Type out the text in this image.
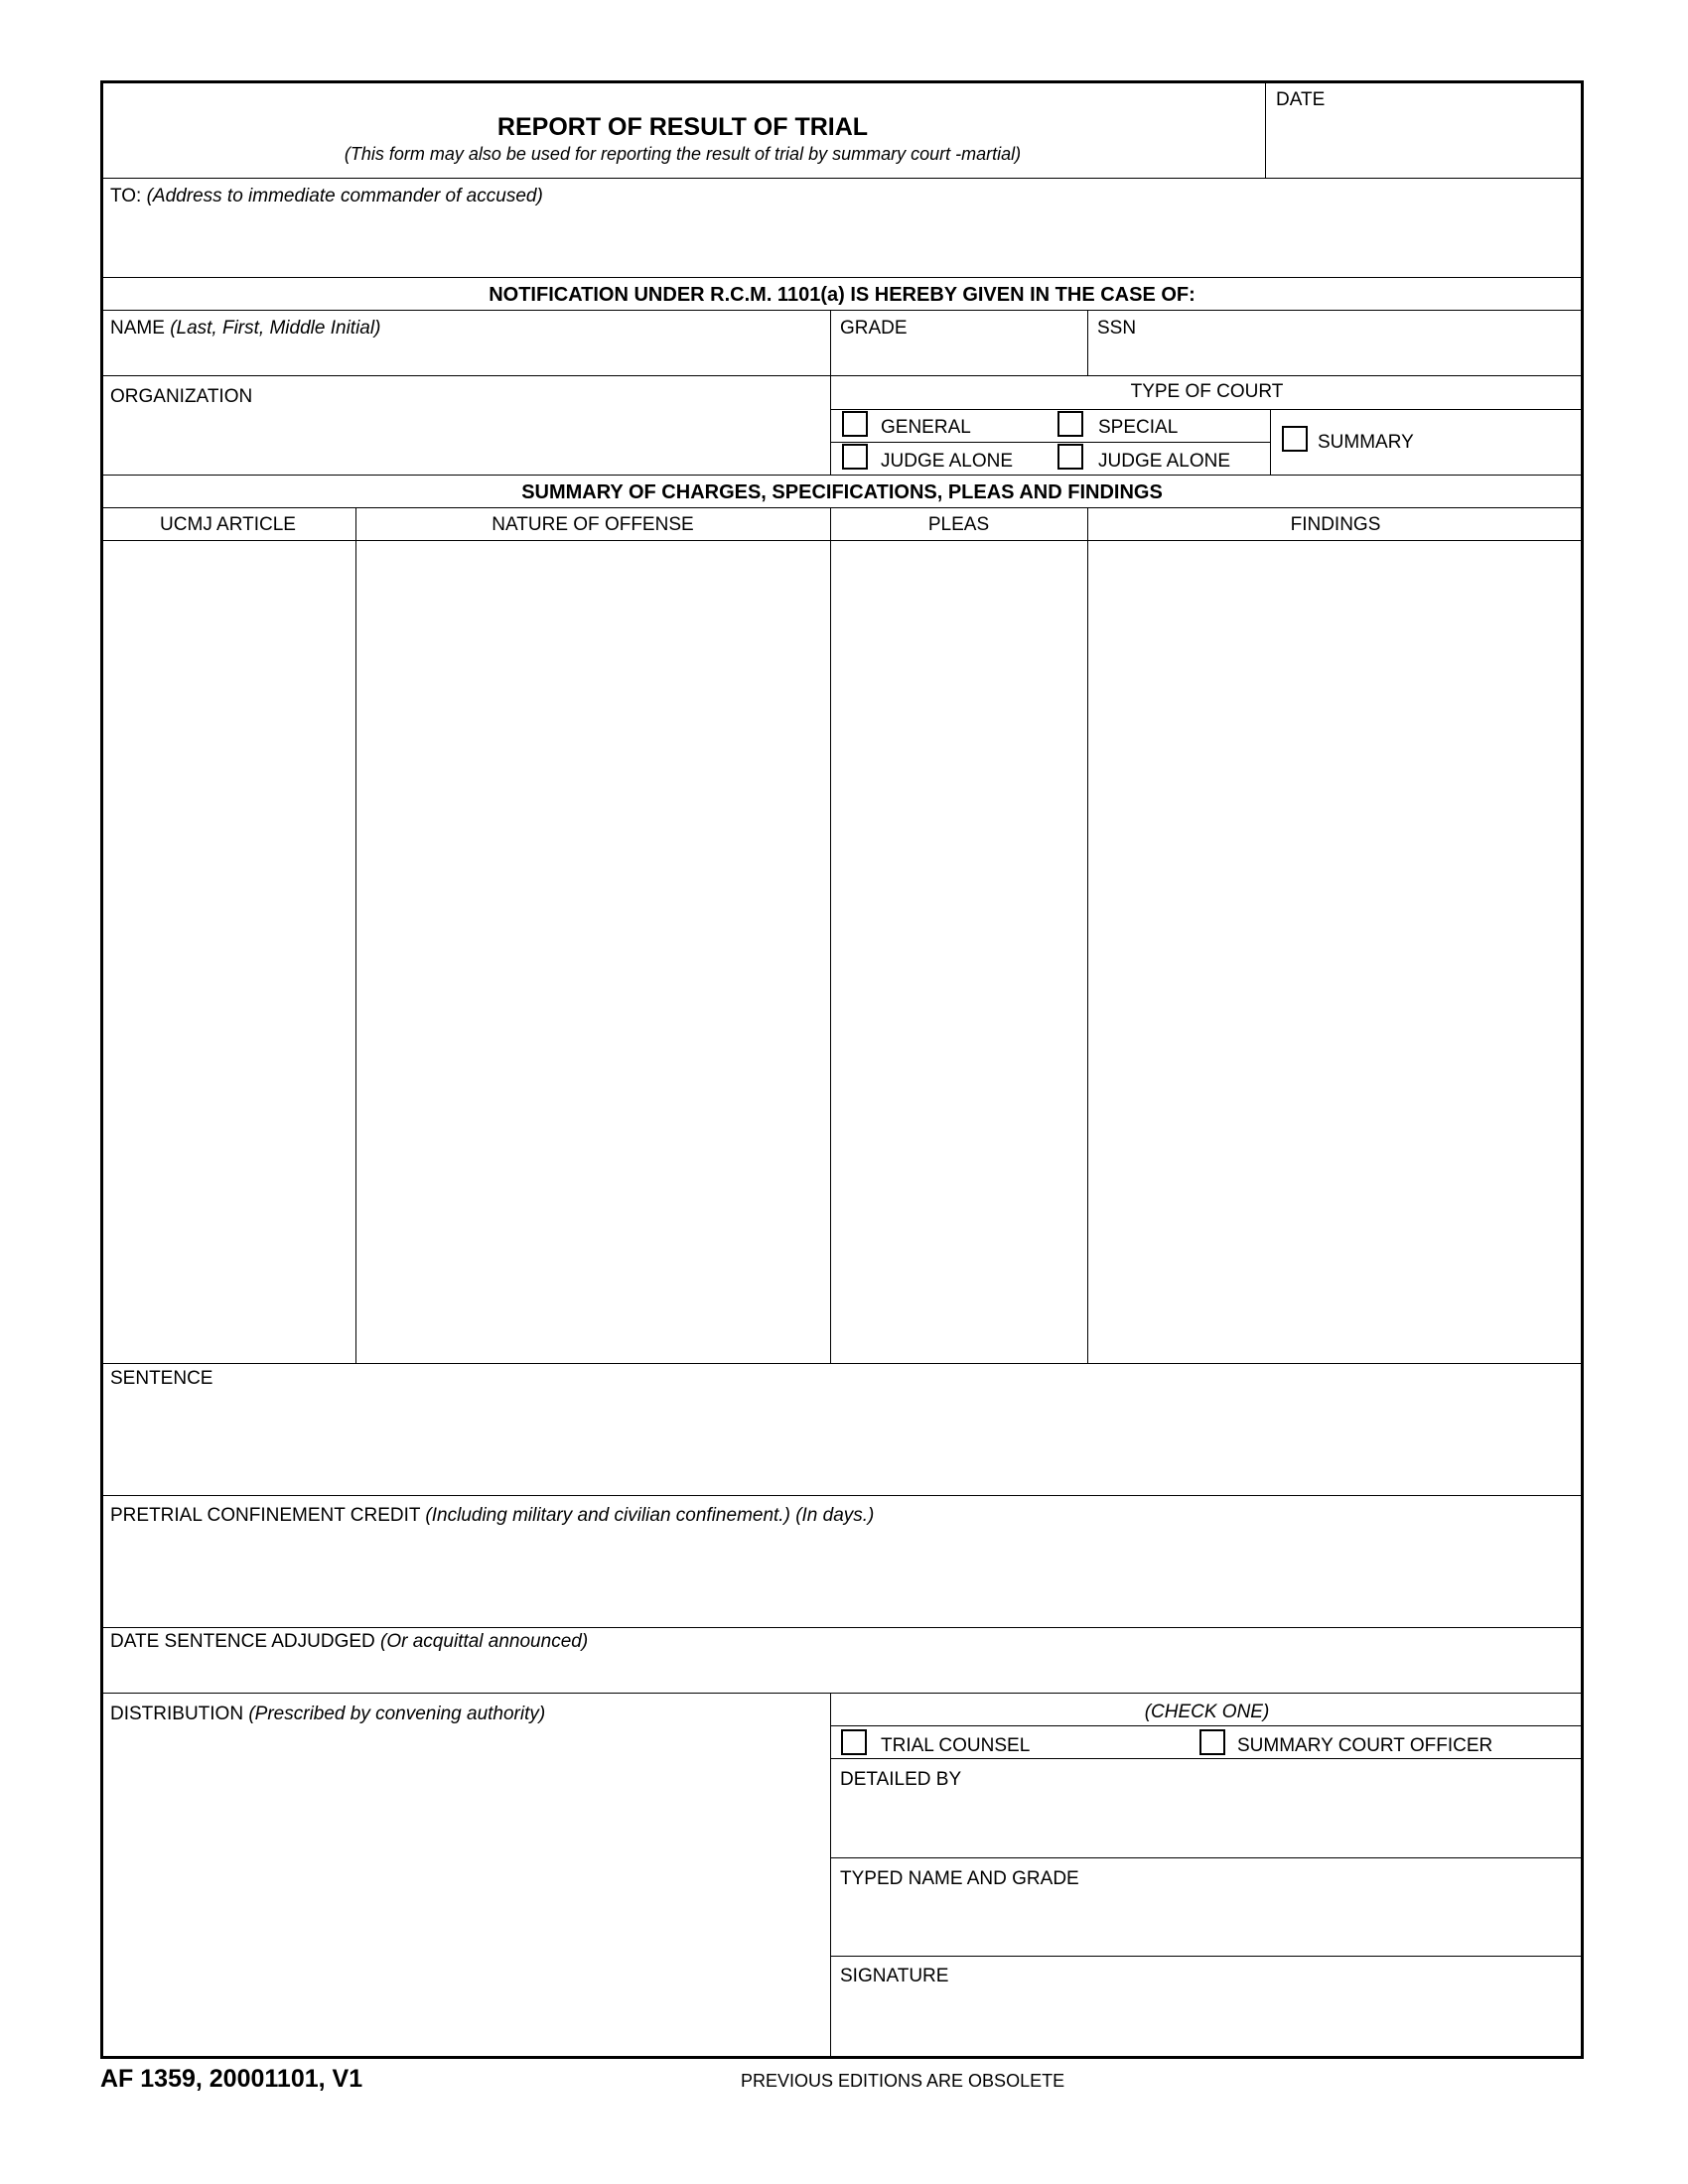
REPORT OF RESULT OF TRIAL
(This form may also be used for reporting the result of trial by summary court -martial)
DATE
TO: (Address to immediate commander of accused)
NOTIFICATION UNDER R.C.M. 1101(a) IS HEREBY GIVEN IN THE CASE OF:
NAME (Last, First, Middle Initial)	GRADE	SSN
ORGANIZATION	TYPE OF COURT
GENERAL
JUDGE ALONE
SPECIAL
JUDGE ALONE
SUMMARY
SUMMARY OF CHARGES, SPECIFICATIONS, PLEAS AND FINDINGS
UCMJ ARTICLE	NATURE OF OFFENSE	PLEAS	FINDINGS
SENTENCE
PRETRIAL CONFINEMENT CREDIT (Including military and civilian confinement.) (In days.)
DATE SENTENCE ADJUDGED (Or acquittal announced)
DISTRIBUTION (Prescribed by convening authority)	(CHECK ONE)
TRIAL COUNSEL	SUMMARY COURT OFFICER
DETAILED BY
TYPED NAME AND GRADE
SIGNATURE
AF 1359, 20001101, V1	PREVIOUS EDITIONS ARE OBSOLETE
